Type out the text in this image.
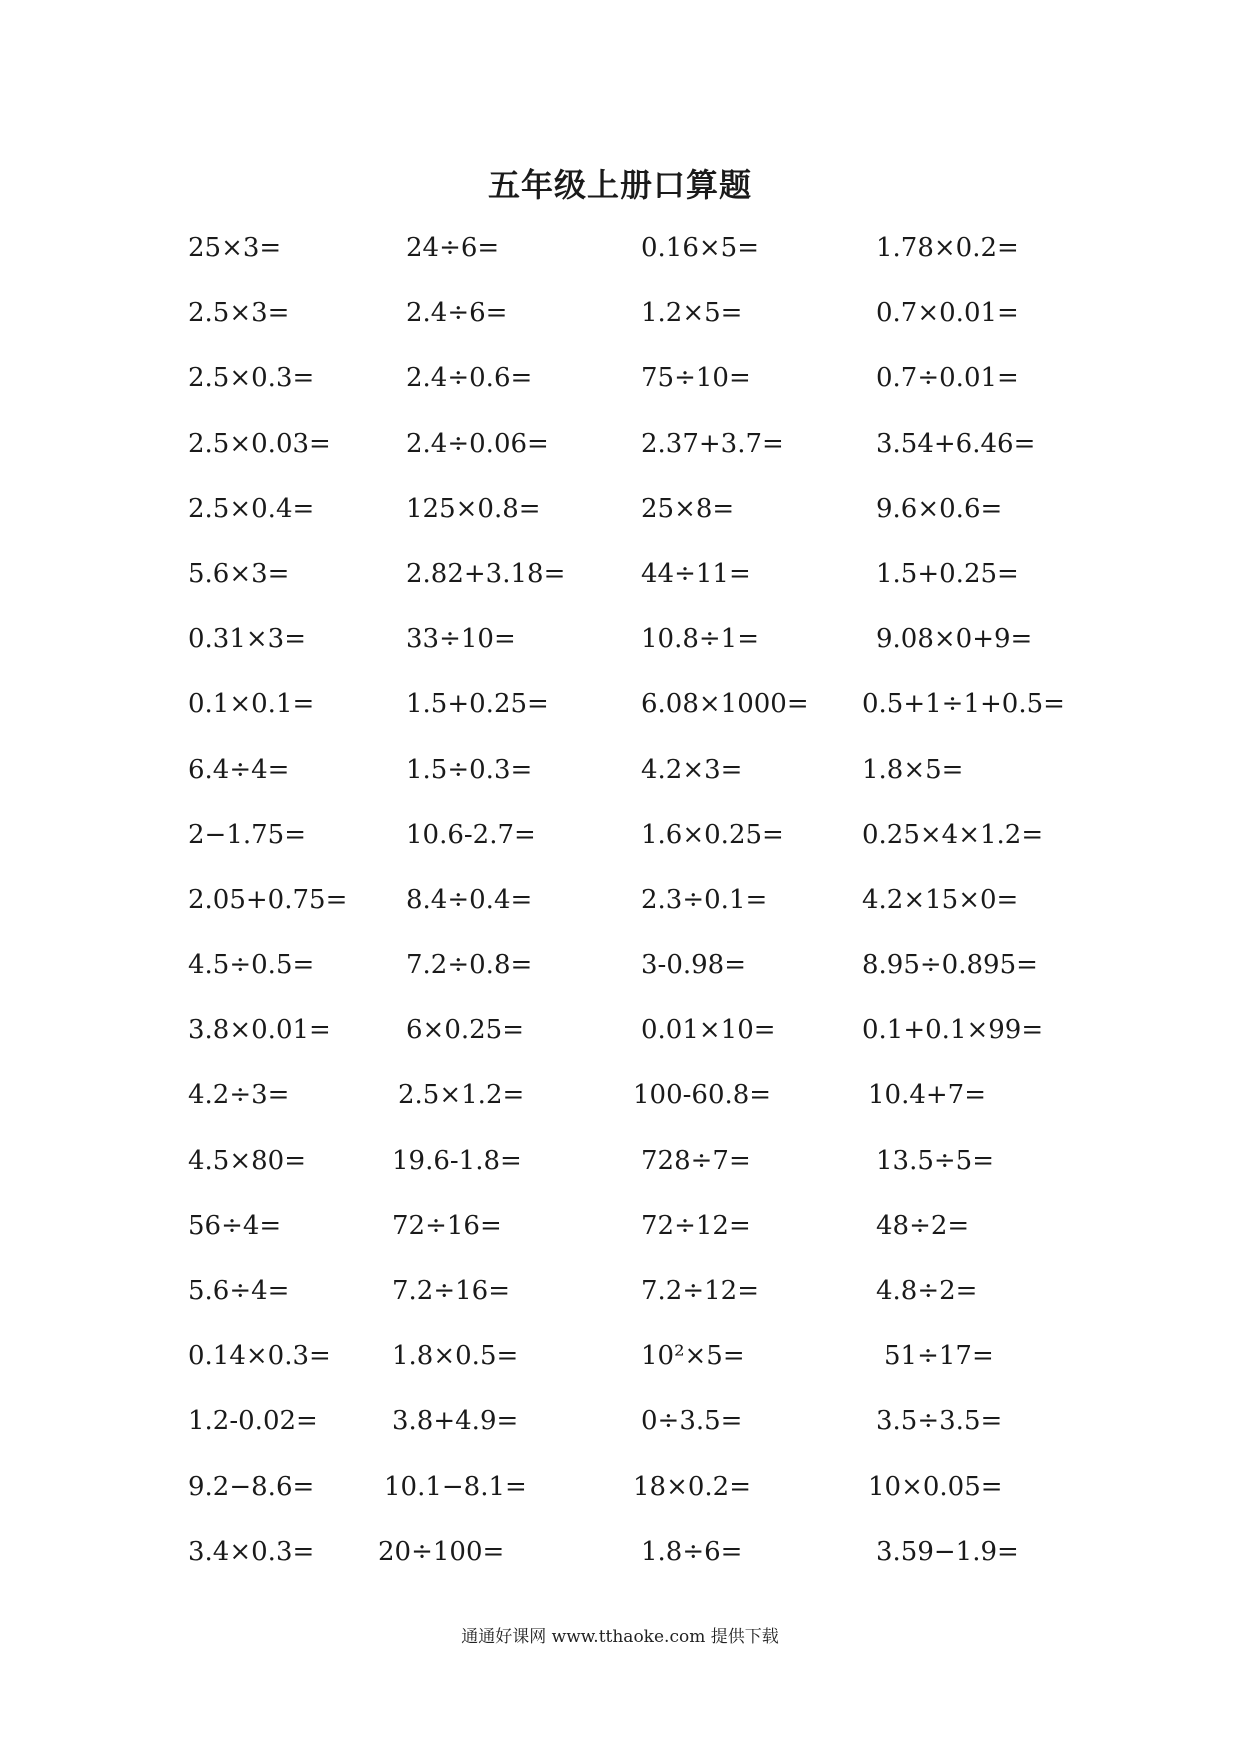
五年级上册口算题
25×3=	24÷6=	0.16×5=	1.78×0.2=
2.5×3=	2.4÷6=	1.2×5=	0.7×0.01=
2.5×0.3=	2.4÷0.6=	75÷10=	0.7÷0.01=
2.5×0.03=	2.4÷0.06=	2.37+3.7=	3.54+6.46=
2.5×0.4=	125×0.8=	25×8=	9.6×0.6=
5.6×3=	2.82+3.18=	44÷11=	1.5+0.25=
0.31×3=	33÷10=	10.8÷1=	9.08×0+9=
0.1×0.1=	1.5+0.25=	6.08×1000= 0.5+1÷1+0.5=
6.4÷4=	1.5÷0.3=	4.2×3=	1.8×5=
2−1.75=	10.6-2.7=	1.6×0.25=	0.25×4×1.2=
2.05+0.75= 8.4÷0.4=	2.3÷0.1=	4.2×15×0=
4.5÷0.5=	7.2÷0.8=	3-0.98=	8.95÷0.895=
3.8×0.01=	6×0.25=	0.01×10=	0.1+0.1×99=
4.2÷3=	2.5×1.2=	100-60.8=	10.4+7=
4.5×80=	19.6-1.8=	728÷7=	13.5÷5=
56÷4=	72÷16=	72÷12=	48÷2=
5.6÷4=	7.2÷16=	7.2÷12=	4.8÷2=
0.14×0.3= 1.8×0.5=	10²×5=	51÷17=
1.2-0.02=	3.8+4.9=	0÷3.5=	3.5÷3.5=
9.2−8.6=	10.1−8.1=	18×0.2=	10×0.05=
3.4×0.3= 20÷100=	1.8÷6=	3.59−1.9=
通通好课网 www.tthaoke.com 提供下载
